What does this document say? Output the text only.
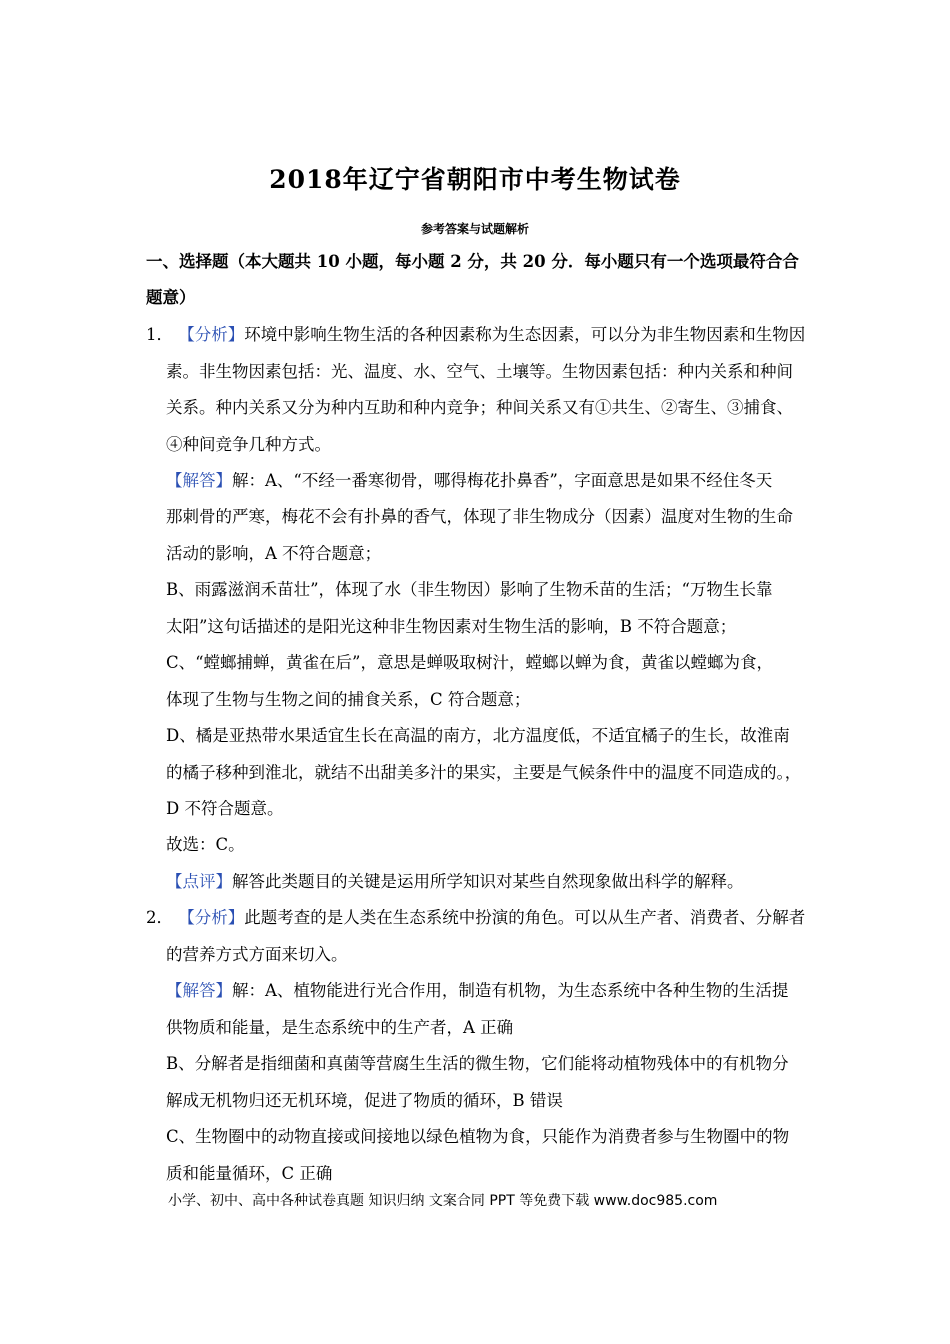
2018年辽宁省朝阳市中考生物试卷
参考答案与试题解析
一、选择题（本大题共 10 小题，每小题 2 分，共 20 分．每小题只有一个选项最符合合题意）
1． 【分析】环境中影响生物生活的各种因素称为生态因素，可以分为非生物因素和生物因
素。非生物因素包括：光、温度、水、空气、土壤等。生物因素包括：种内关系和种间
关系。种内关系又分为种内互助和种内竞争；种间关系又有①共生、②寄生、③捕食、
④种间竞争几种方式。
【解答】解：A、“不经一番寒彻骨，哪得梅花扑鼻香”，字面意思是如果不经住冬天
那刺骨的严寒，梅花不会有扑鼻的香气，体现了非生物成分（因素）温度对生物的生命
活动的影响，A 不符合题意；
B、雨露滋润禾苗壮”，体现了水（非生物因）影响了生物禾苗的生活；“万物生长靠
太阳”这句话描述的是阳光这种非生物因素对生物生活的影响，B 不符合题意；
C、“螳螂捕蝉，黄雀在后”，意思是蝉吸取树汁，螳螂以蝉为食，黄雀以螳螂为食，
体现了生物与生物之间的捕食关系，C 符合题意；
D、橘是亚热带水果适宜生长在高温的南方，北方温度低，不适宜橘子的生长，故淮南
的橘子移种到淮北，就结不出甜美多汁的果实，主要是气候条件中的温度不同造成的。，
D 不符合题意。
故选：C。
【点评】解答此类题目的关键是运用所学知识对某些自然现象做出科学的解释。
2． 【分析】此题考查的是人类在生态系统中扮演的角色。可以从生产者、消费者、分解者
的营养方式方面来切入。
【解答】解：A、植物能进行光合作用，制造有机物，为生态系统中各种生物的生活提
供物质和能量，是生态系统中的生产者，A 正确
B、分解者是指细菌和真菌等营腐生生活的微生物，它们能将动植物残体中的有机物分
解成无机物归还无机环境，促进了物质的循环，B 错误
C、生物圈中的动物直接或间接地以绿色植物为食，只能作为消费者参与生物圈中的物
质和能量循环，C 正确
小学、初中、高中各种试卷真题 知识归纳 文案合同 PPT 等免费下载 www.doc985.com
